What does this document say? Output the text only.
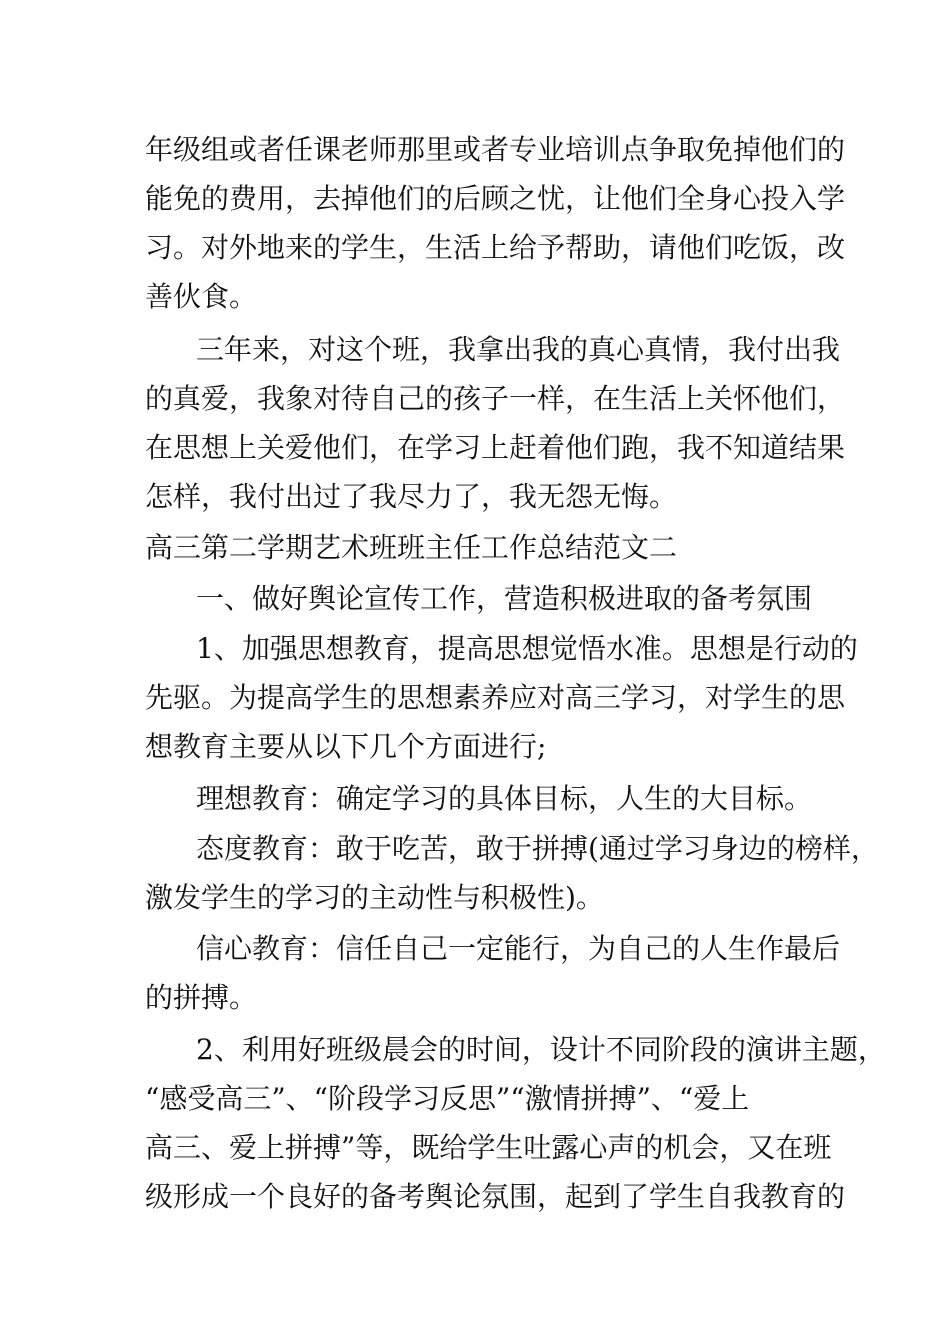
年级组或者任课老师那里或者专业培训点争取免掉他们的
能免的费用，去掉他们的后顾之忧，让他们全身心投入学
习。对外地来的学生，生活上给予帮助，请他们吃饭，改
善伙食。
三年来，对这个班，我拿出我的真心真情，我付出我
的真爱，我象对待自己的孩子一样，在生活上关怀他们，
在思想上关爱他们，在学习上赶着他们跑，我不知道结果
怎样，我付出过了我尽力了，我无怨无悔。
高三第二学期艺术班班主任工作总结范文二
一、做好舆论宣传工作，营造积极进取的备考氛围
1、加强思想教育，提高思想觉悟水准。思想是行动的
先驱。为提高学生的思想素养应对高三学习，对学生的思
想教育主要从以下几个方面进行;
理想教育：确定学习的具体目标，人生的大目标。
态度教育：敢于吃苦，敢于拼搏(通过学习身边的榜样，
激发学生的学习的主动性与积极性)。
信心教育：信任自己一定能行，为自己的人生作最后
的拼搏。
2、利用好班级晨会的时间，设计不同阶段的演讲主题，
“感受高三”、“阶段学习反思”“激情拼搏”、“爱上
高三、爱上拼搏”等，既给学生吐露心声的机会，又在班
级形成一个良好的备考舆论氛围，起到了学生自我教育的
